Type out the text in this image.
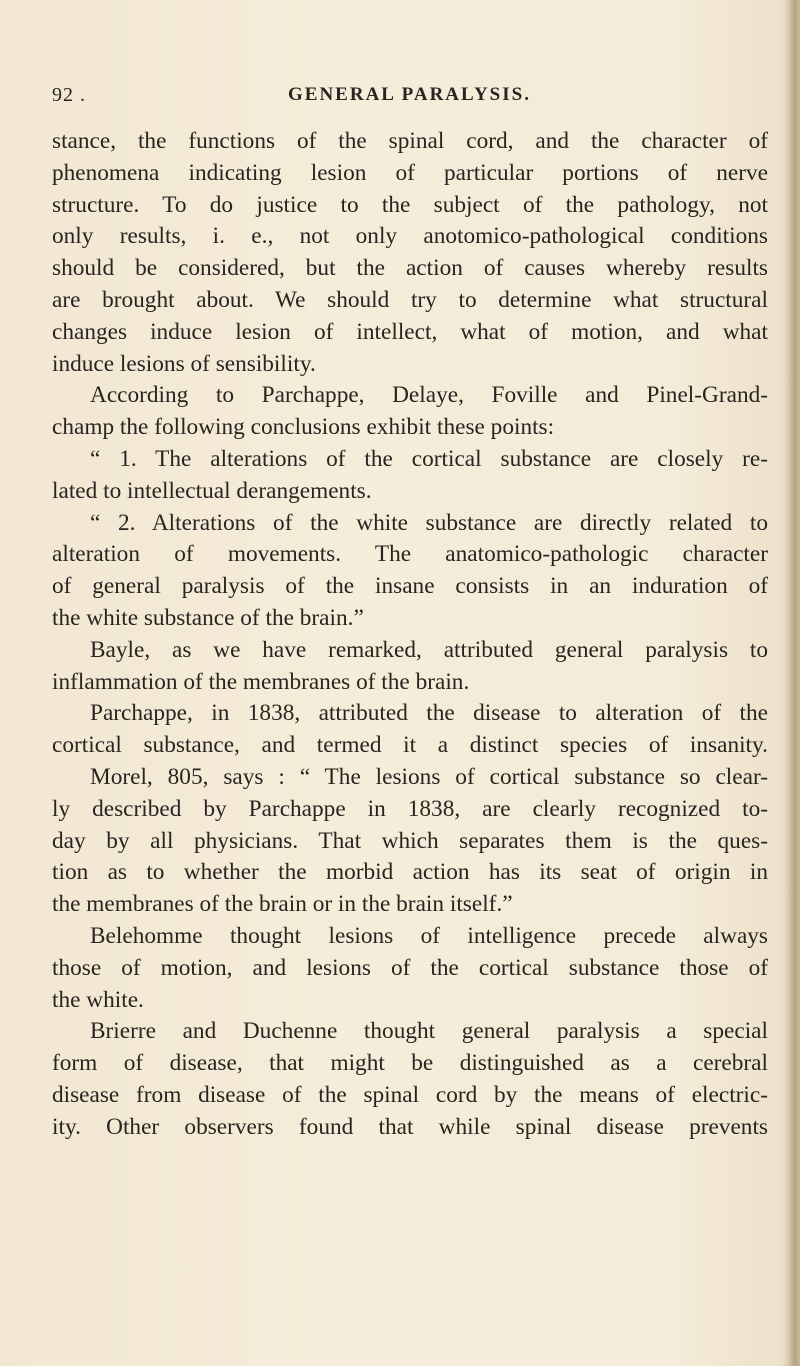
92 .	GENERAL PARALYSIS.
stance, the functions of the spinal cord, and the character of
phenomena indicating lesion of particular portions of nerve
structure. To do justice to the subject of the pathology, not
only results, i. e., not only anotomico-pathological conditions
should be considered, but the action of causes whereby results
are brought about. We should try to determine what structural
changes induce lesion of intellect, what of motion, and what
induce lesions of sensibility.
According to Parchappe, Delaye, Foville and Pinel-Grand-
champ the following conclusions exhibit these points:
“ 1. The alterations of the cortical substance are closely re-
lated to intellectual derangements.
“ 2. Alterations of the white substance are directly related to
alteration of movements. The anatomico-pathologic character
of general paralysis of the insane consists in an induration of
the white substance of the brain.”
Bayle, as we have remarked, attributed general paralysis to
inflammation of the membranes of the brain.
Parchappe, in 1838, attributed the disease to alteration of the
cortical substance, and termed it a distinct species of insanity.
Morel, 805, says : “ The lesions of cortical substance so clear-
ly described by Parchappe in 1838, are clearly recognized to-
day by all physicians. That which separates them is the ques-
tion as to whether the morbid action has its seat of origin in
the membranes of the brain or in the brain itself.”
Belehomme thought lesions of intelligence precede always
those of motion, and lesions of the cortical substance those of
the white.
Brierre and Duchenne thought general paralysis a special
form of disease, that might be distinguished as a cerebral
disease from disease of the spinal cord by the means of electric-
ity. Other observers found that while spinal disease prevents
